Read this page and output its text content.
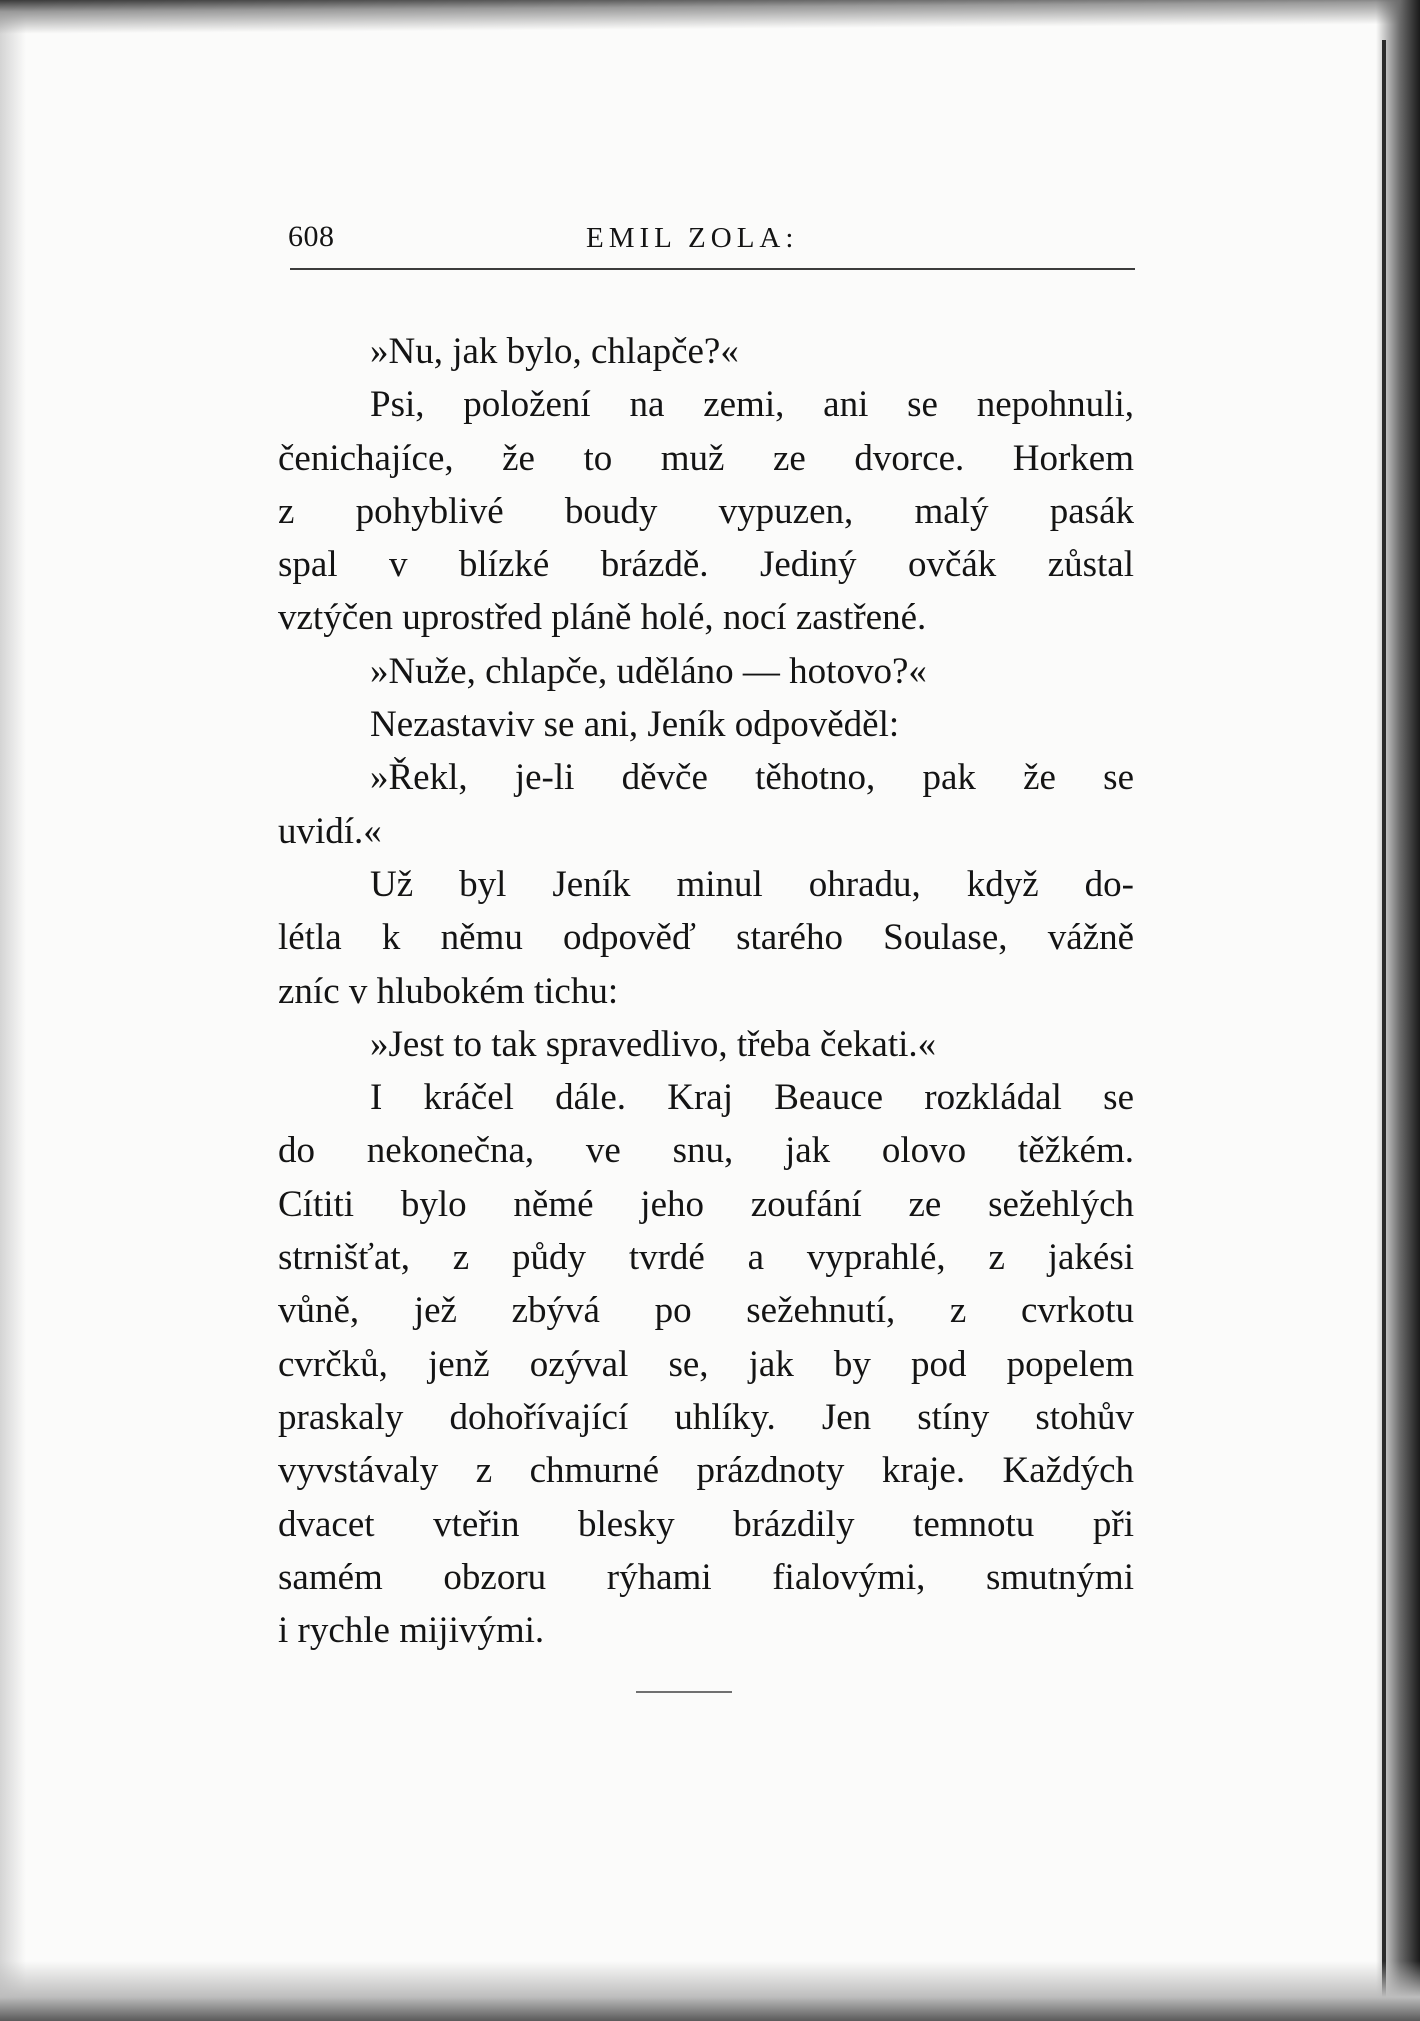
608	EMIL ZOLA:
»Nu, jak bylo, chlapče?«
Psi, položení na zemi, ani se nepohnuli,
čenichajíce, že to muž ze dvorce. Horkem
z pohyblivé boudy vypuzen, malý pasák
spal v blízké brázdě. Jediný ovčák zůstal
vztýčen uprostřed pláně holé, nocí zastřené.
»Nuže, chlapče, uděláno — hotovo?«
Nezastaviv se ani, Jeník odpověděl:
»Řekl, je-li děvče těhotno, pak že se
uvidí.«
Už byl Jeník minul ohradu, když do-
létla k němu odpověď starého Soulase, vážně
zníc v hlubokém tichu:
»Jest to tak spravedlivo, třeba čekati.«
I kráčel dále. Kraj Beauce rozkládal se
do nekonečna, ve snu, jak olovo těžkém.
Cítiti bylo němé jeho zoufání ze sežehlých
strnišťat, z půdy tvrdé a vyprahlé, z jakési
vůně, jež zbývá po sežehnutí, z cvrkotu
cvrčků, jenž ozýval se, jak by pod popelem
praskaly dohořívající uhlíky. Jen stíny stohův
vyvstávaly z chmurné prázdnoty kraje. Každých
dvacet vteřin blesky brázdily temnotu při
samém obzoru rýhami fialovými, smutnými
i rychle mijivými.
